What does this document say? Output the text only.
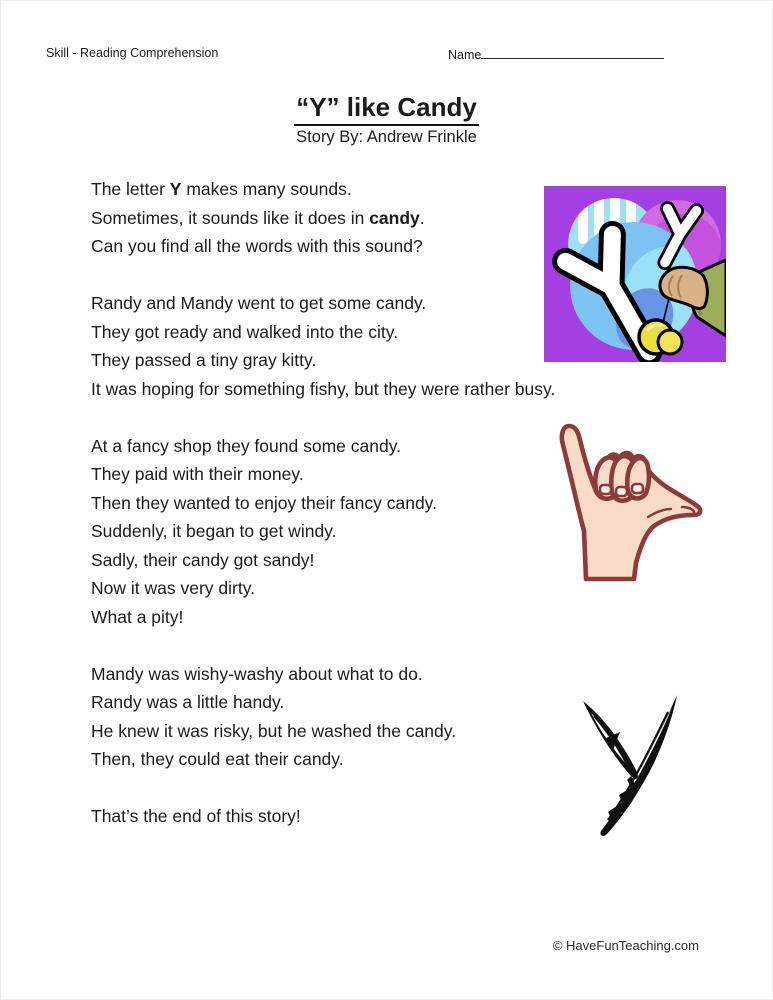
Skill - Reading Comprehension	Name
“Y” like Candy
Story By: Andrew Frinkle
The letter Y makes many sounds.
Sometimes, it sounds like it does in candy.
Can you find all the words with this sound?
Randy and Mandy went to get some candy.
They got ready and walked into the city.
They passed a tiny gray kitty.
It was hoping for something fishy, but they were rather busy.
At a fancy shop they found some candy.
They paid with their money.
Then they wanted to enjoy their fancy candy.
Suddenly, it began to get windy.
Sadly, their candy got sandy!
Now it was very dirty.
What a pity!
Mandy was wishy-washy about what to do.
Randy was a little handy.
He knew it was risky, but he washed the candy.
Then, they could eat their candy.
That’s the end of this story!
© HaveFunTeaching.com
